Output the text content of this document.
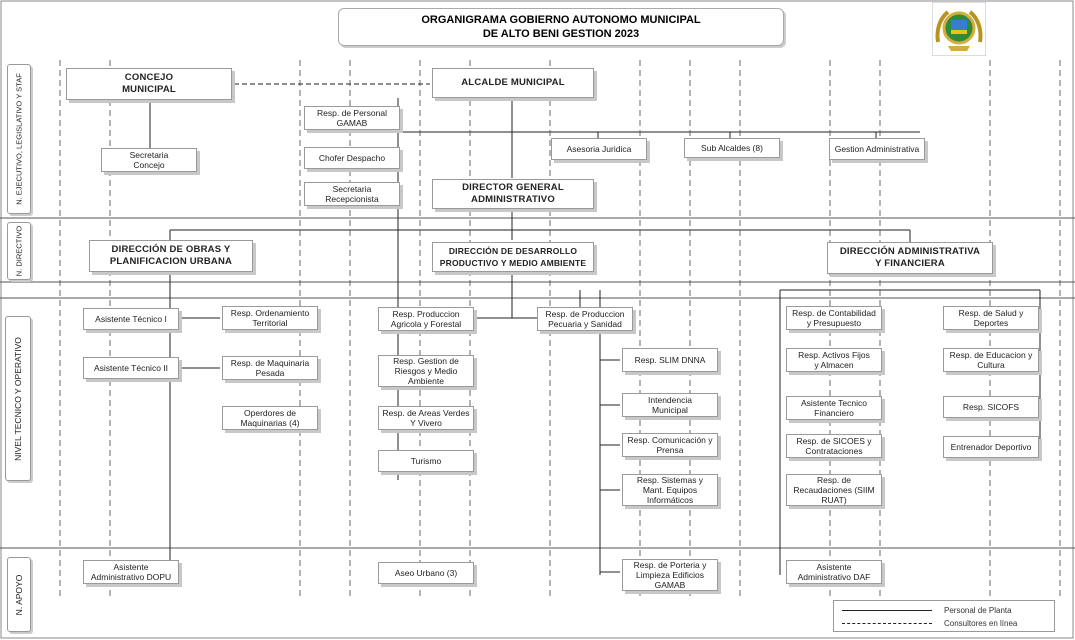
ORGANIGRAMA GOBIERNO AUTONOMO MUNICIPAL
DE ALTO BENI GESTION 2023
N. EJECUTIVO, LEGISLATIVO Y STAF
N. DIRECTIVO
NIVEL TECNICO Y OPERATIVO
N. APOYO
CONCEJO
MUNICIPAL
ALCALDE MUNICIPAL
Resp. de Personal
GAMAB
Secretaria
Concejo
Chofer Despacho
Asesoria Juridica	Sub Alcaldes (8)	Gestion Administrativa
Secretaria
Recepcionista
DIRECTOR GENERAL
ADMINISTRATIVO
DIRECCIÓN DE OBRAS Y
PLANIFICACION URBANA
DIRECCIÓN DE DESARROLLO
PRODUCTIVO Y MEDIO AMBIENTE
DIRECCIÓN ADMINISTRATIVA
Y FINANCIERA
Asistente Técnico I
Asistente Técnico II
Resp. Ordenamiento
Territorial
Resp. de Maquinaria
Pesada
Operdores de
Maquinarias (4)
Resp. Produccion
Agricola y Forestal
Resp. Gestion de
Riesgos y Medio
Ambiente
Resp. de Areas Verdes
Y Vivero
Turismo
Resp. de Produccion
Pecuaria y Sanidad
Resp. SLIM DNNA
Intendencia
Municipal
Resp. Comunicación y
Prensa
Resp. Sistemas y
Mant. Equipos
Informáticos
Resp. de Contabilidad
y Presupuesto
Resp. Activos Fijos
y Almacen
Asistente Tecnico
Financiero
Resp. de SICOES y
Contrataciones
Resp. de
Recaudaciones (SIIM
RUAT)
Resp. de Salud y
Deportes
Resp. de Educacion y
Cultura
Resp. SICOFS
Entrenador Deportivo
Asistente
Administrativo DOPU	Aseo Urbano (3)
Resp. de Porteria y
Limpieza Edificios
GAMAB
Asistente
Administrativo DAF
Personal de Planta
Consultores en línea
